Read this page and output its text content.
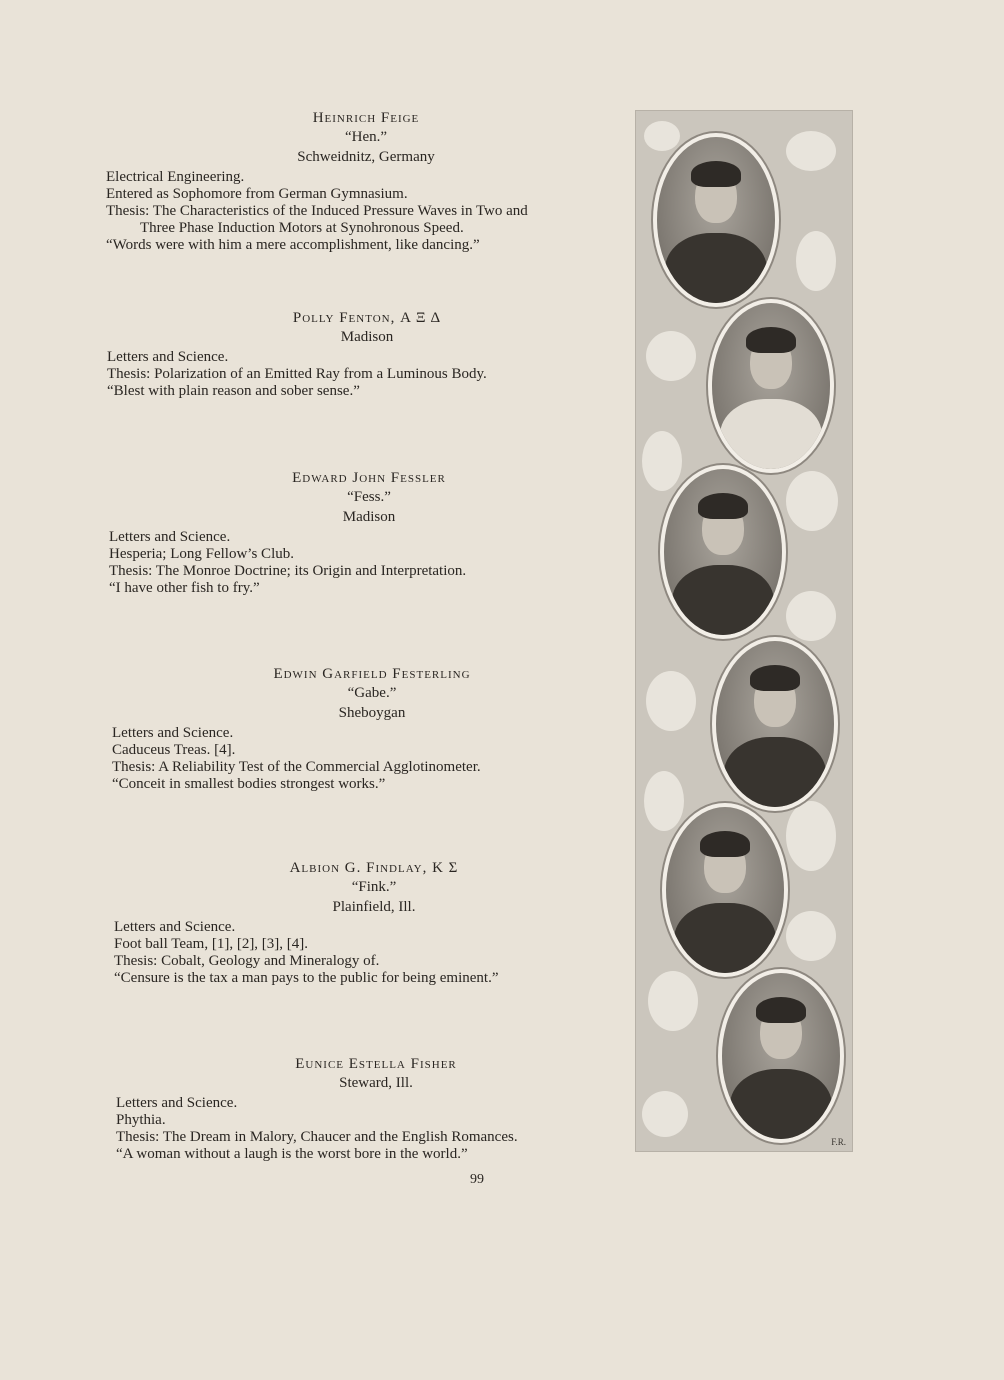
Heinrich Feige

“Hen.”

Schweidnitz, Germany

Electrical Engineering.

Entered as Sophomore from German Gymnasium.

Thesis: The Characteristics of the Induced Pressure Waves in Two and

Three Phase Induction Motors at Synohronous Speed.

“Words were with him a mere accomplishment, like dancing.”

Polly Fenton, Α Ξ Δ

Madison

Letters and Science.

Thesis: Polarization of an Emitted Ray from a Luminous Body.

“Blest with plain reason and sober sense.”

Edward John Fessler

“Fess.”

Madison

Letters and Science.

Hesperia; Long Fellow’s Club.

Thesis: The Monroe Doctrine; its Origin and Interpretation.

“I have other fish to fry.”

Edwin Garfield Festerling

“Gabe.”

Sheboygan

Letters and Science.

Caduceus Treas. [4].

Thesis: A Reliability Test of the Commercial Agglotinometer.

“Conceit in smallest bodies strongest works.”

Albion G. Findlay, Κ Σ

“Fink.”

Plainfield, Ill.

Letters and Science.

Foot ball Team, [1], [2], [3], [4].

Thesis: Cobalt, Geology and Mineralogy of.

“Censure is the tax a man pays to the public for being eminent.”

Eunice Estella Fisher

Steward, Ill.

Letters and Science.

Phythia.

Thesis: The Dream in Malory, Chaucer and the English Romances.

“A woman without a laugh is the worst bore in the world.”

99
F.R.
